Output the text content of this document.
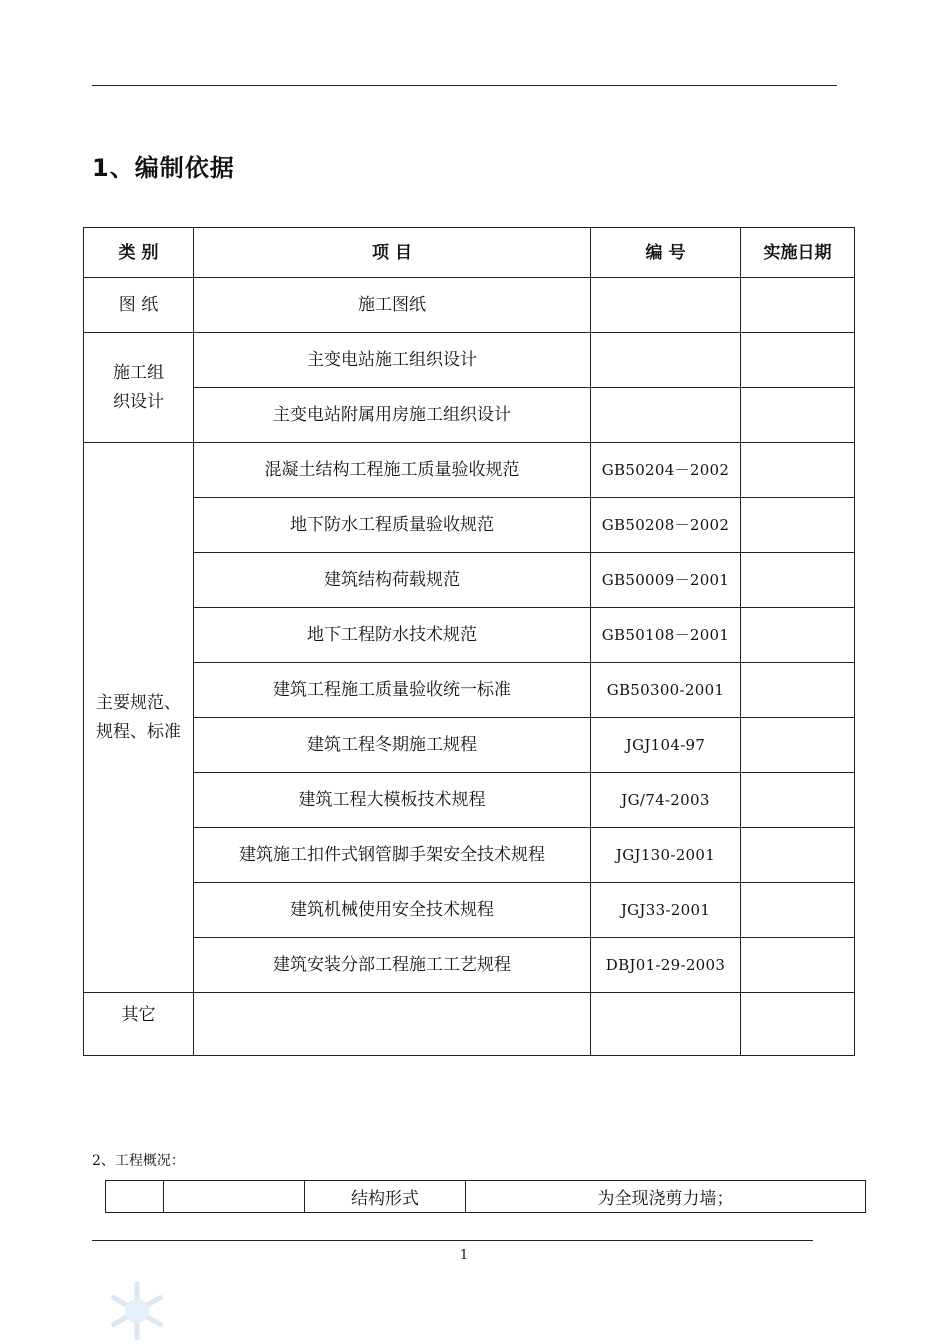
1、编制依据
类 别	项 目	编 号	实施日期
图 纸	施工图纸		

施工组织设计	主变电站施工组织设计		
	主变电站附属用房施工组织设计		

主要规范、规程、标准	混凝土结构工程施工质量验收规范	GB50204－2002	
	地下防水工程质量验收规范	GB50208－2002	
	建筑结构荷载规范	GB50009－2001	
	地下工程防水技术规范	GB50108－2001	
	建筑工程施工质量验收统一标准	GB50300-2001	
	建筑工程冬期施工规程	JGJ104-97	
	建筑工程大模板技术规程	JG/74-2003	
	建筑施工扣件式钢管脚手架安全技术规程	JGJ130-2001	
	建筑机械使用安全技术规程	JGJ33-2001	
	建筑安装分部工程施工工艺规程	DBJ01-29-2003	
其它			
2、工程概况：
		结构形式	为全现浇剪力墙；
1
